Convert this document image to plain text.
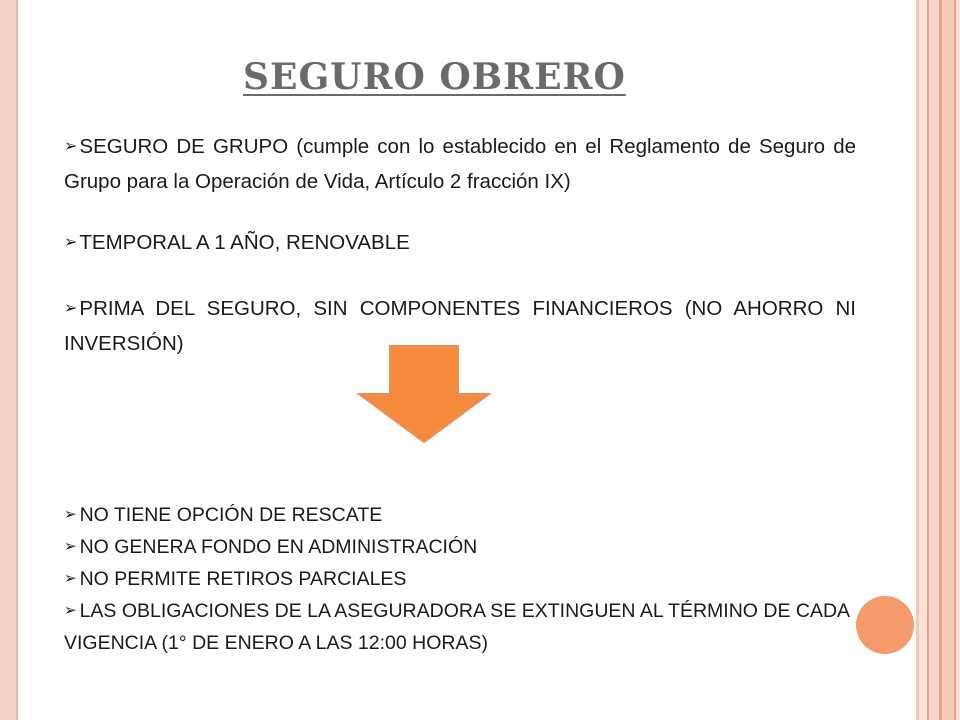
SEGURO OBRERO

➢SEGURO DE GRUPO (cumple con lo establecido en el Reglamento de Seguro de Grupo para la Operación de Vida, Artículo 2 fracción IX)

➢TEMPORAL A 1 AÑO, RENOVABLE

➢PRIMA DEL SEGURO, SIN COMPONENTES FINANCIEROS (NO AHORRO NI INVERSIÓN)

➢ NO TIENE OPCIÓN DE RESCATE
➢ NO GENERA FONDO EN ADMINISTRACIÓN
➢ NO PERMITE RETIROS PARCIALES
➢ LAS OBLIGACIONES DE LA ASEGURADORA SE EXTINGUEN AL TÉRMINO DE CADA VIGENCIA (1° DE ENERO A LAS 12:00 HORAS)
